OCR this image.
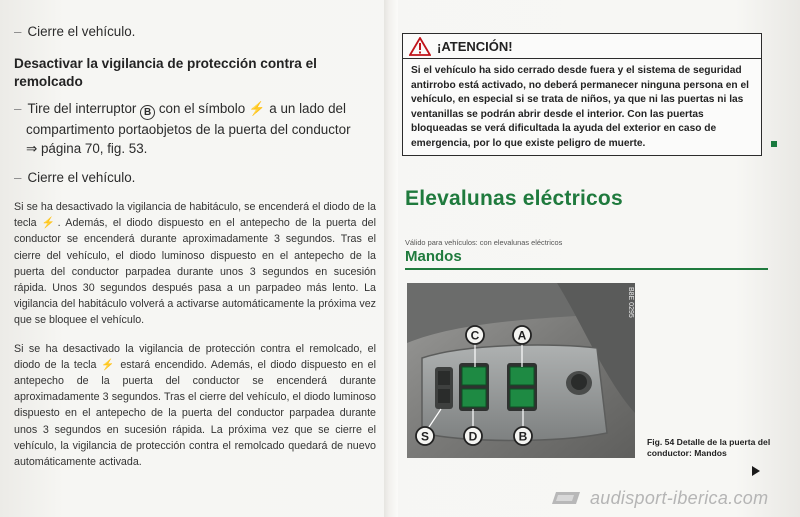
– Cierre el vehículo.

Desactivar la vigilancia de protección contra el remolcado

– Tire del interruptor B con el símbolo ⚡ a un lado del

compartimento portaobjetos de la puerta del conductor

⇒ página 70, fig. 53.

– Cierre el vehículo.

Si se ha desactivado la vigilancia de habitáculo, se encenderá el diodo de la tecla ⚡. Además, el diodo dispuesto en el antepecho de la puerta del conductor se encenderá durante aproximadamente 3 segundos. Tras el cierre del vehículo, el diodo luminoso dispuesto en el antepecho de la puerta del conductor parpadea durante unos 3 segundos en sucesión rápida. Unos 30 segundos después pasa a un parpadeo más lento. La vigilancia del habitáculo volverá a activarse automáticamente la próxima vez que se bloquee el vehículo.
Si se ha desactivado la vigilancia de protección contra el remolcado, el diodo de la tecla ⚡ estará encendido. Además, el diodo dispuesto en el antepecho de la puerta del conductor se encenderá durante aproximadamente 3 segundos. Tras el cierre del vehículo, el diodo luminoso dispuesto en el antepecho de la puerta del conductor parpadea durante unos 3 segundos en sucesión rápida. La próxima vez que se cierre el vehículo, la vigilancia de protección contra el remolcado quedará de nuevo automáticamente activada.
¡ATENCIÓN!
Si el vehículo ha sido cerrado desde fuera y el sistema de seguridad antirrobo está activado, no deberá permanecer ninguna persona en el vehículo, en especial si se trata de niños, ya que ni las puertas ni las ventanillas se podrán abrir desde el interior. Con las puertas bloqueadas se verá dificultada la ayuda del exterior en caso de emergencia, por lo que existe peligro de muerte.
Elevalunas eléctricos
Válido para vehículos: con elevalunas eléctricos
Mandos
C	A
S	D	B
B8E 0295
Fig. 54 Detalle de la puerta del conductor: Mandos
audisport-iberica.com
